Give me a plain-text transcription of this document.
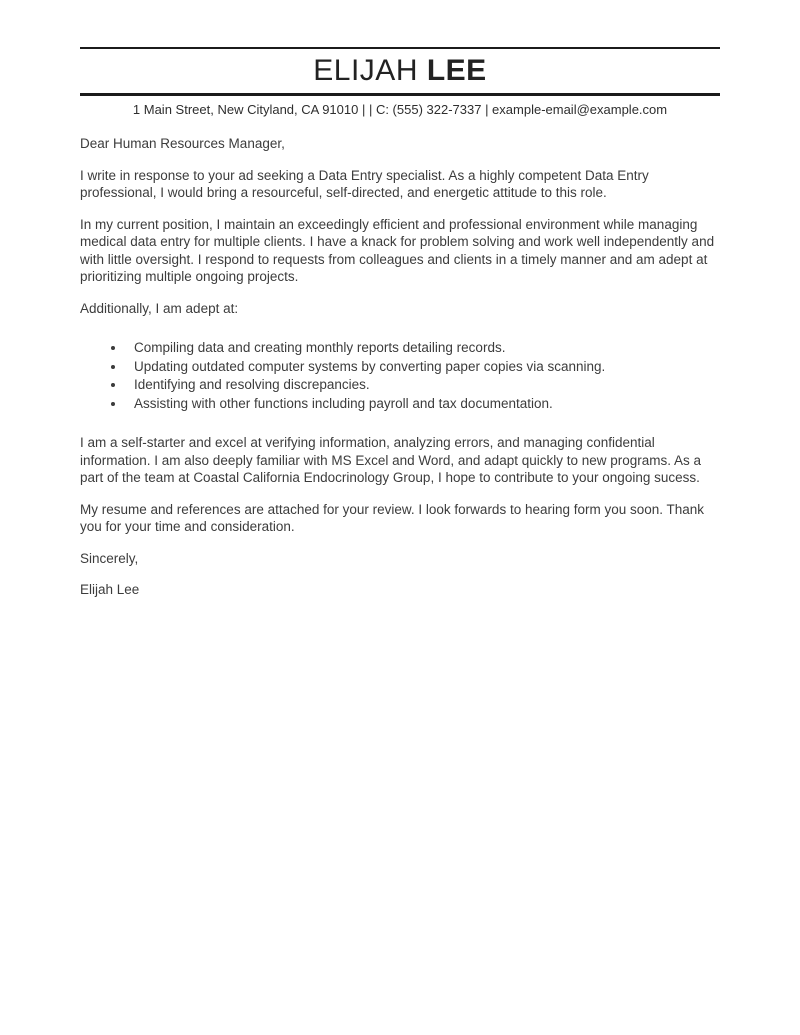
ELIJAH LEE
1 Main Street, New Cityland, CA 91010 | | C: (555) 322-7337 | example-email@example.com

Dear Human Resources Manager,

I write in response to your ad seeking a Data Entry specialist. As a highly competent Data Entry professional, I would bring a resourceful, self-directed, and energetic attitude to this role.

In my current position, I maintain an exceedingly efficient and professional environment while managing medical data entry for multiple clients. I have a knack for problem solving and work well independently and with little oversight. I respond to requests from colleagues and clients in a timely manner and am adept at prioritizing multiple ongoing projects.

Additionally, I am adept at:

• Compiling data and creating monthly reports detailing records.
• Updating outdated computer systems by converting paper copies via scanning.
• Identifying and resolving discrepancies.
• Assisting with other functions including payroll and tax documentation.

I am a self-starter and excel at verifying information, analyzing errors, and managing confidential information. I am also deeply familiar with MS Excel and Word, and adapt quickly to new programs. As a part of the team at Coastal California Endocrinology Group, I hope to contribute to your ongoing sucess.

My resume and references are attached for your review. I look forwards to hearing form you soon. Thank you for your time and consideration.

Sincerely,

Elijah Lee
